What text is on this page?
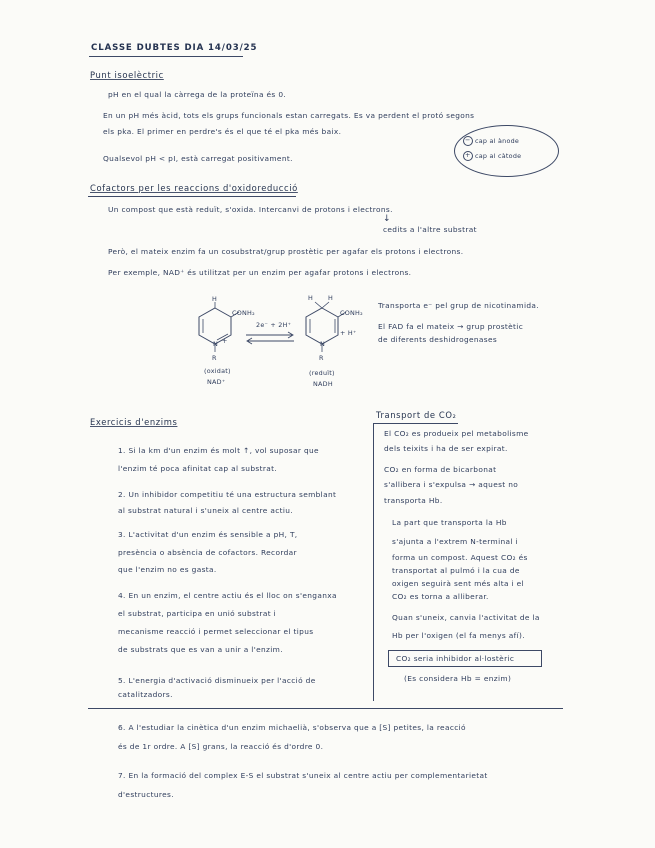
CLASSE DUBTES DIA 14/03/25
Punt isoelèctric
pH en el qual la càrrega de la proteïna és 0.
En un pH més àcid, tots els grups funcionals estan carregats. Es va perdent el protó segons
els pka. El primer en perdre's és el que té el pka més baix.
Qualsevol pH < pI, està carregat positivament.
− cap al ànode
+ cap al càtode
Cofactors per les reaccions d'oxidoreducció
Un compost que està reduït, s'oxida. Intercanvi de protons i electrons.
↓
cedits a l'altre substrat
Però, el mateix enzim fa un cosubstrat/grup prostètic per agafar els protons i electrons.
Per exemple, NAD⁺ és utilitzat per un enzim per agafar protons i electrons.
H
CONH₂
N +
R
(oxidat)
NAD⁺
2e⁻ + 2H⁺
H H
CONH₂
N
+ H⁺
R
(reduït)
NADH
Transporta e⁻ pel grup de nicotinamida.
El FAD fa el mateix → grup prostètic
de diferents deshidrogenases
Exercicis d'enzims
1. Si la km d'un enzim és molt ↑, vol suposar que
l'enzim té poca afinitat cap al substrat.
2. Un inhibidor competitiu té una estructura semblant
al substrat natural i s'uneix al centre actiu.
3. L'activitat d'un enzim és sensible a pH, T,
presència o absència de cofactors. Recordar
que l'enzim no es gasta.
4. En un enzim, el centre actiu és el lloc on s'enganxa
el substrat, participa en unió substrat i
mecanisme reacció i permet seleccionar el tipus
de substrats que es van a unir a l'enzim.
5. L'energia d'activació disminueix per l'acció de
catalitzadors.
6. A l'estudiar la cinètica d'un enzim michaelià, s'observa que a [S] petites, la reacció
és de 1r ordre. A [S] grans, la reacció és d'ordre 0.
7. En la formació del complex E-S el substrat s'uneix al centre actiu per complementarietat
d'estructures.
Transport de CO₂
El CO₂ es produeix pel metabolisme
dels teixits i ha de ser expirat.
CO₂ en forma de bicarbonat
s'allibera i s'expulsa → aquest no
transporta Hb.
La part que transporta la Hb
s'ajunta a l'extrem N-terminal i
forma un compost. Aquest CO₂ és
transportat al pulmó i la cua de
oxigen seguirà sent més alta i el
CO₂ es torna a alliberar.
Quan s'uneix, canvia l'activitat de la
Hb per l'oxigen (el fa menys afí).
CO₂ seria inhibidor al·lostèric
(Es considera Hb = enzim)
